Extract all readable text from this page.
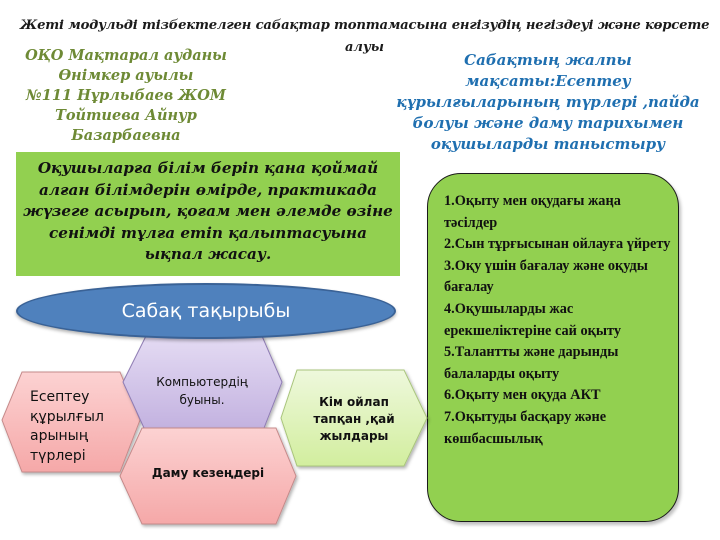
Жеті модульді тізбектелген сабақтар топтамасына енгізудің негіздеуі және көрсете
алуы
ОҚО Мақтарал ауданы
Өнімкер ауылы
№111 Нұрлыбаев ЖОМ
Тойтиева Айнур
Базарбаевна
Сабақтың жалпы
мақсаты:Есептеу
құрылғыларының түрлері ,пайда
болуы және даму тарихымен
оқушыларды таныстыру
Оқушыларға білім беріп қана қоймай алған білімдерін өмірде, практикада жүзеге асырып, қоғам мен әлемде өзіне сенімді тұлға етіп қалыптасуына ықпал жасау.
1.Оқыту мен оқудағы жаңа тәсілдер
2.Сын тұрғысынан ойлауға үйрету
3.Оқу үшін бағалау және оқуды бағалау
4.Оқушыларды жас ерекшеліктеріне сай оқыту
5.Талантты және дарынды балаларды оқыту
6.Оқыту мен оқуда АКТ
7.Оқытуды басқару және көшбасшылық
Есептеу құрылғыл арының түрлері
Компьютердің буыны.	Кім ойлап тапқан ,қай жылдары
Даму кезеңдері
Сабақ тақырыбы
